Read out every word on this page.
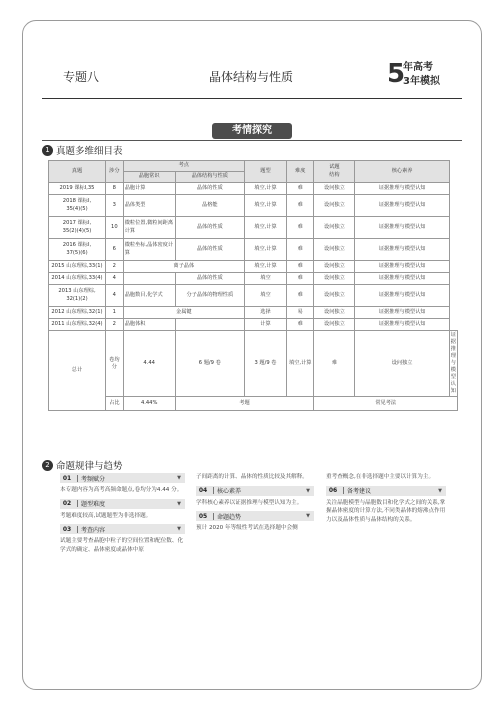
专题八	晶体结构与性质	5
年高考
3年模拟
考情探究
1 真题多维细目表
真题	涉分	考点		题型	难度	试题
结构	核心素养	
		晶胞常识	晶体结构与性质					
2019 课标Ⅰ,35	8	晶胞计算	晶体的性质	填空,计算	难	设问独立	证据推理与模型认知	
2018 课标Ⅰ,
35(4)(5)	3	晶体类型	晶格能	填空,计算	难	设问独立	证据推理与模型认知	
2017 课标Ⅰ,
35(2)(4)(5)	10	微粒位置,微粒间距离计算	晶体的性质	填空,计算	难	设问独立	证据推理与模型认知	
2016 课标Ⅰ,
37(5)(6)	6	微粒坐标,晶体密度计算	晶体的性质	填空,计算	难	设问独立	证据推理与模型认知	
2015 山东理综,33(1)	2	离子晶体		填空,计算	难	设问独立	证据推理与模型认知	
2014 山东理综,33(4)	4		晶体的性质	填空	难	设问独立	证据推理与模型认知	
2013 山东理综,
32(1)(2)	4	晶胞数目,化学式	分子晶体的物理性质	填空	难	设问独立	证据推理与模型认知	
2012 山东理综,32(1)	1	金属键		选择	易	设问独立	证据推理与模型认知	
2011 山东理综,32(4)	2	晶胞体积		计算	难	设问独立	证据推理与模型认知	
总计	卷均分	4.44	6 题/9 卷	3 题/9 卷	填空,计算	难	设问独立	证据推理与模型认知
	占比	4.44%	考题			常见考法		
2 命题规律与趋势
01	考频赋分	▼
本专题内容为高考高频命题点,卷均分为4.44 分。
02	题型难度	▼
考题难度较高,试题题型为非选择题。
03	考查内容	▼
试题主要考查晶胞中粒子的空间位置和配位数、化学式的确定、晶体密度或晶体中原
子间距离的计算、晶体的性质比较及其解释。
04	核心素养	▼
学科核心素养以证据推理与模型认知为主。
05	命题趋势	▼
预计 2020 年等级性考试在选择题中会侧
重考查概念,在非选择题中主要以计算为主。
06	备考建议	▼
关注晶胞模型与晶胞数目和化学式之间的关系,掌握晶体密度的计算方法,不同类晶体的熔沸点作用力以及晶体性质与晶体结构的关系。
